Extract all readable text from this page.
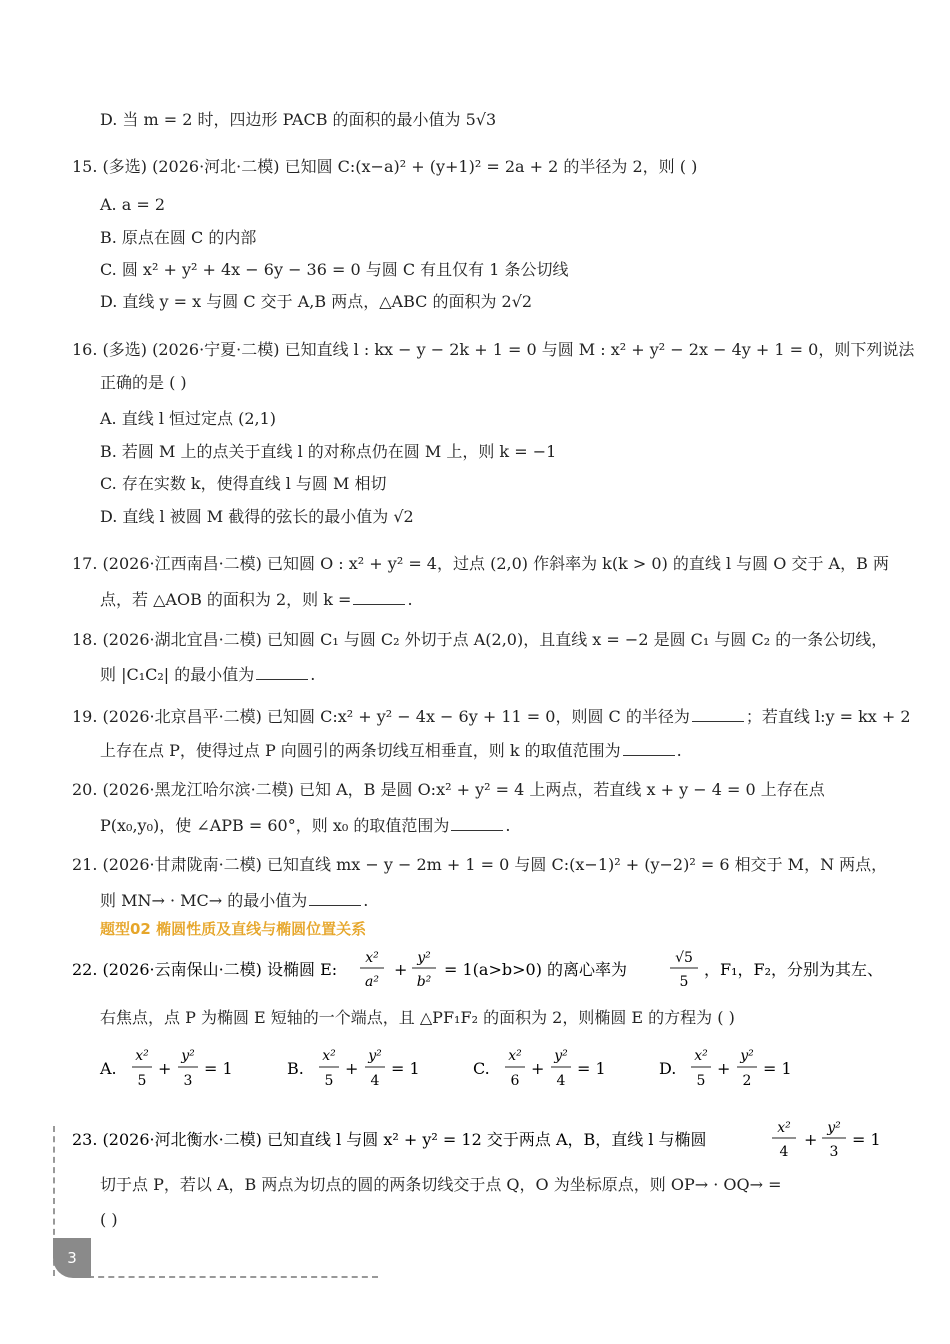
D. 当 m = 2 时，四边形 PACB 的面积的最小值为 5√3
15. (多选) (2026·河北·二模) 已知圆 C:(x−a)² + (y+1)² = 2a + 2 的半径为 2，则 ( )
A. a = 2
B. 原点在圆 C 的内部
C. 圆 x² + y² + 4x − 6y − 36 = 0 与圆 C 有且仅有 1 条公切线
D. 直线 y = x 与圆 C 交于 A,B 两点，△ABC 的面积为 2√2
16. (多选) (2026·宁夏·二模) 已知直线 l : kx − y − 2k + 1 = 0 与圆 M : x² + y² − 2x − 4y + 1 = 0，则下列说法
正确的是 ( )
A. 直线 l 恒过定点 (2,1)
B. 若圆 M 上的点关于直线 l 的对称点仍在圆 M 上，则 k = −1
C. 存在实数 k，使得直线 l 与圆 M 相切
D. 直线 l 被圆 M 截得的弦长的最小值为 √2
17. (2026·江西南昌·二模) 已知圆 O : x² + y² = 4，过点 (2,0) 作斜率为 k(k > 0) 的直线 l 与圆 O 交于 A，B 两
点，若 △AOB 的面积为 2，则 k =	.
18. (2026·湖北宜昌·二模) 已知圆 C₁ 与圆 C₂ 外切于点 A(2,0)，且直线 x = −2 是圆 C₁ 与圆 C₂ 的一条公切线，
则 |C₁C₂| 的最小值为	.
19. (2026·北京昌平·二模) 已知圆 C:x² + y² − 4x − 6y + 11 = 0，则圆 C 的半径为	；若直线 l:y = kx + 2
上存在点 P，使得过点 P 向圆引的两条切线互相垂直，则 k 的取值范围为	.
20. (2026·黑龙江哈尔滨·二模) 已知 A，B 是圆 O:x² + y² = 4 上两点，若直线 x + y − 4 = 0 上存在点
P(x₀,y₀)，使 ∠APB = 60°，则 x₀ 的取值范围为	.
21. (2026·甘肃陇南·二模) 已知直线 mx − y − 2m + 1 = 0 与圆 C:(x−1)² + (y−2)² = 6 相交于 M，N 两点，
则 MN→ · MC→ 的最小值为	.
题型02 椭圆性质及直线与椭圆位置关系
22. (2026·云南保山·二模) 设椭圆 E:
x²
a²
+
y²
b²
= 1(a>b>0) 的离心率为
√5
5
，F₁，F₂，分别为其左、
右焦点，点 P 为椭圆 E 短轴的一个端点，且 △PF₁F₂ 的面积为 2，则椭圆 E 的方程为 ( )
A.
x²
5
+
y²
3
= 1	B.
x²
5
+
y²
4
= 1	C.
x²
6
+
y²
4
= 1	D.
x²
5
+
y²
2
= 1
23. (2026·河北衡水·二模) 已知直线 l 与圆 x² + y² = 12 交于两点 A，B，直线 l 与椭圆
x²
4
+
y²
3
= 1
切于点 P，若以 A，B 两点为切点的圆的两条切线交于点 Q，O 为坐标原点，则 OP→ · OQ→ =
( )
3
